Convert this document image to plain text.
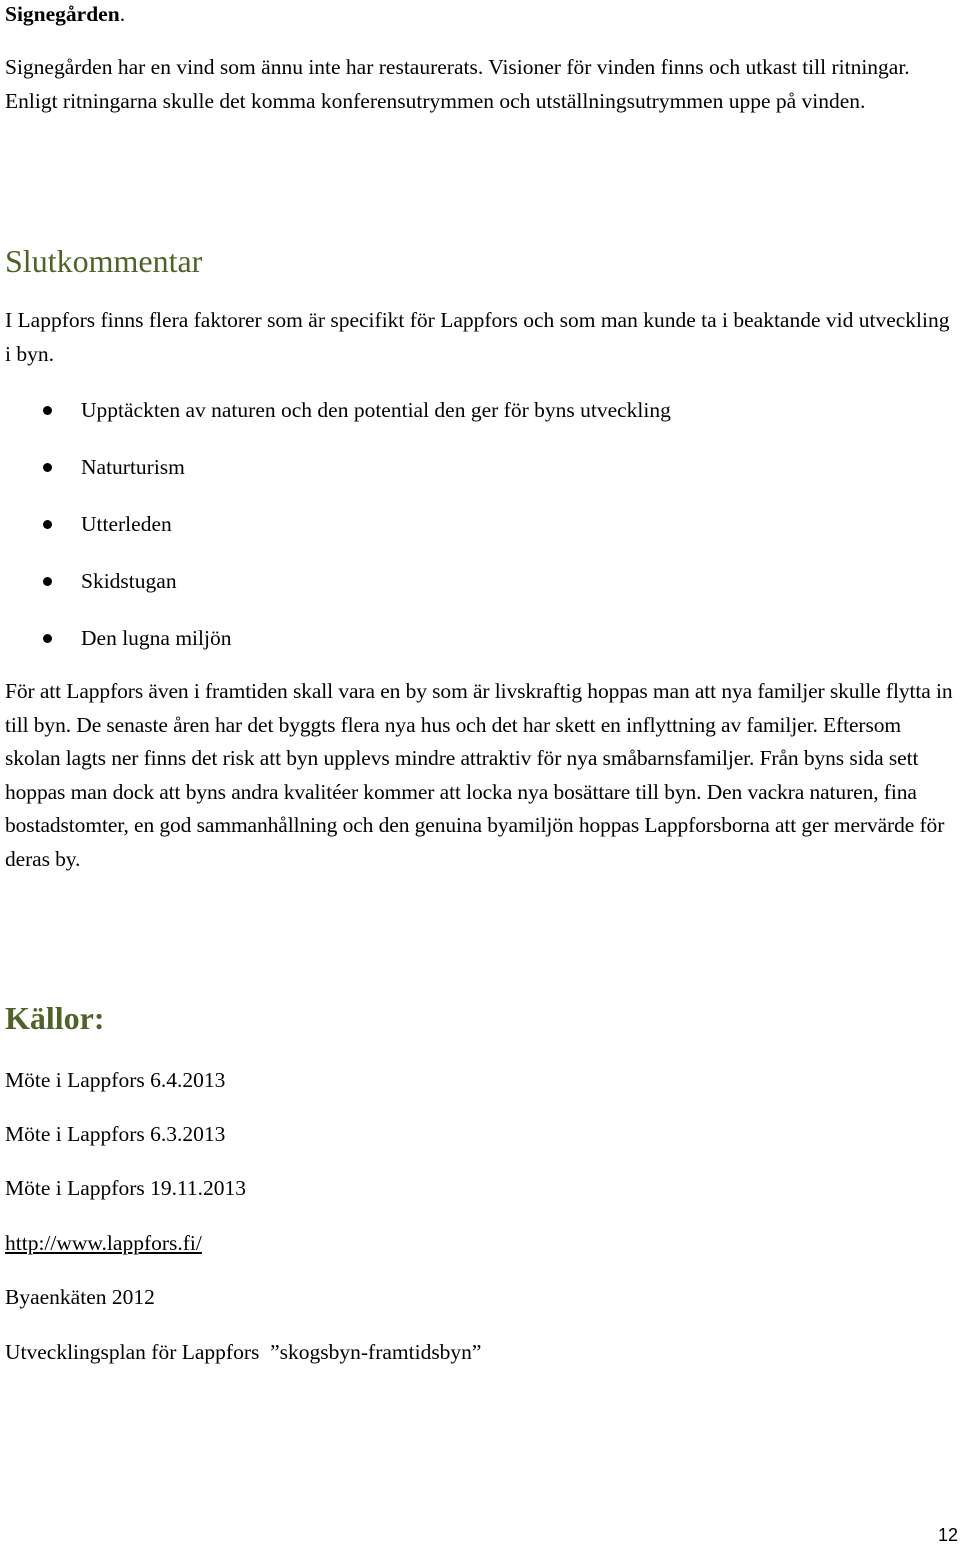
Signegården.

Signegården har en vind som ännu inte har restaurerats. Visioner för vinden finns och utkast till ritningar. Enligt ritningarna skulle det komma konferensutrymmen och utställningsutrymmen uppe på vinden.

Slutkommentar

I Lappfors finns flera faktorer som är specifikt för Lappfors och som man kunde ta i beaktande vid utveckling i byn.

Upptäckten av naturen och den potential den ger för byns utveckling
Naturturism
Utterleden
Skidstugan
Den lugna miljön

För att Lappfors även i framtiden skall vara en by som är livskraftig hoppas man att nya familjer skulle flytta in till byn. De senaste åren har det byggts flera nya hus och det har skett en inflyttning av familjer. Eftersom skolan lagts ner finns det risk att byn upplevs mindre attraktiv för nya småbarnsfamiljer. Från byns sida sett hoppas man dock att byns andra kvalitéer kommer att locka nya bosättare till byn. Den vackra naturen, fina bostadstomter, en god sammanhållning och den genuina byamiljön hoppas Lappforsborna att ger mervärde för deras by.

Källor:

Möte i Lappfors 6.4.2013

Möte i Lappfors 6.3.2013

Möte i Lappfors 19.11.2013

http://www.lappfors.fi/

Byaenkäten 2012

Utvecklingsplan för Lappfors  ”skogsbyn-framtidsbyn”

12
